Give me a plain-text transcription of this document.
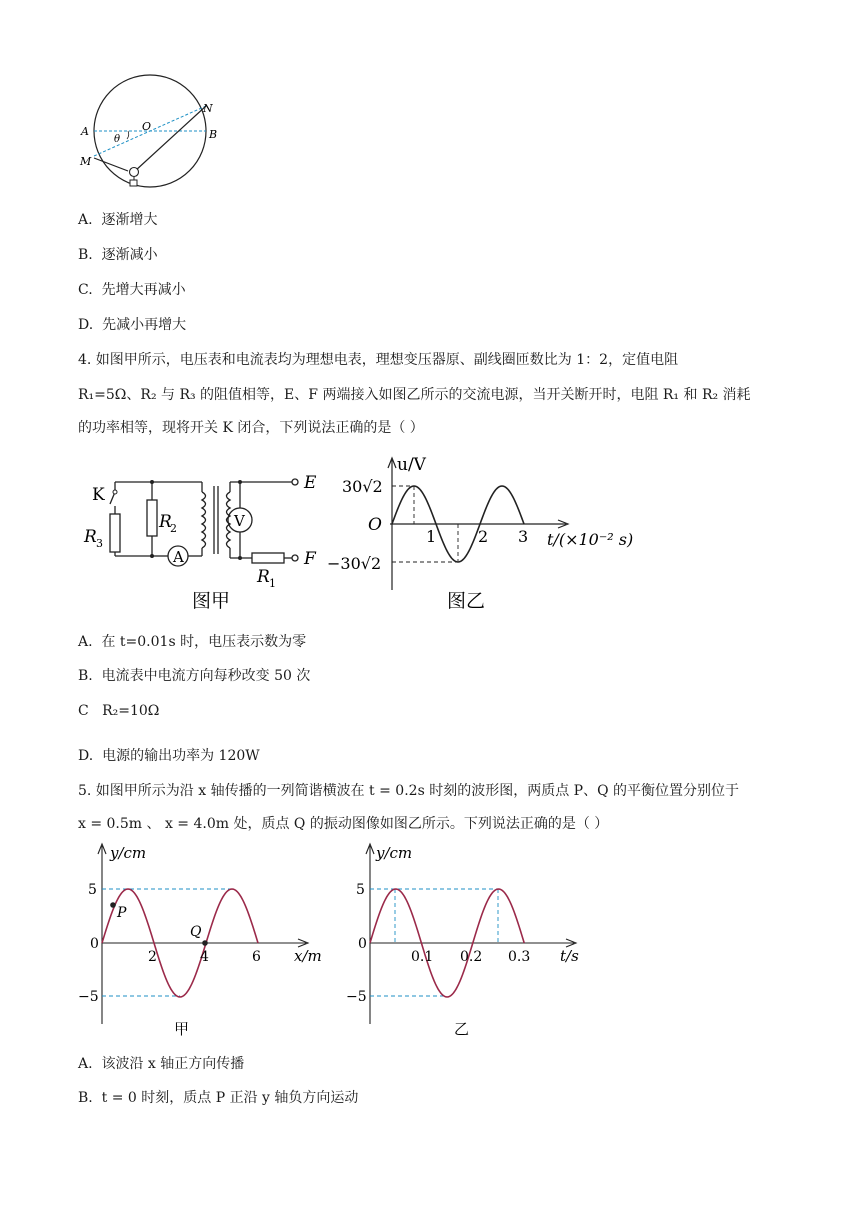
A	B
M
N
O
θ
A. 逐渐增大
B. 逐渐减小
C. 先增大再减小
D. 先减小再增大
4. 如图甲所示，电压表和电流表均为理想电表，理想变压器原、副线圈匝数比为 1：2，定值电阻
R₁=5Ω、R₂ 与 R₃ 的阻值相等，E、F 两端接入如图乙所示的交流电源，当开关断开时，电阻 R₁ 和 R₂ 消耗
的功率相等，现将开关 K 闭合，下列说法正确的是（ ）
K
R 3
R
2
A
V
R 1
E
F
图甲
u/V
30√2
−30√2
O
1	2 3 t/(×10⁻² s)
图乙
A. 在 t=0.01s 时，电压表示数为零
B. 电流表中电流方向每秒改变 50 次
C R₂=10Ω
D. 电源的输出功率为 120W
5. 如图甲所示为沿 x 轴传播的一列简谐横波在 t = 0.2s 时刻的波形图，两质点 P、Q 的平衡位置分别位于
x = 0.5m 、 x = 4.0m 处，质点 Q 的振动图像如图乙所示。下列说法正确的是（ ）
y/cm
5
−5
0
2	4	6 x/m
P
Q
甲
y/cm
5
−5
0
0.1 0.2 0.3 t/s
乙
A. 该波沿 x 轴正方向传播
B. t = 0 时刻，质点 P 正沿 y 轴负方向运动
